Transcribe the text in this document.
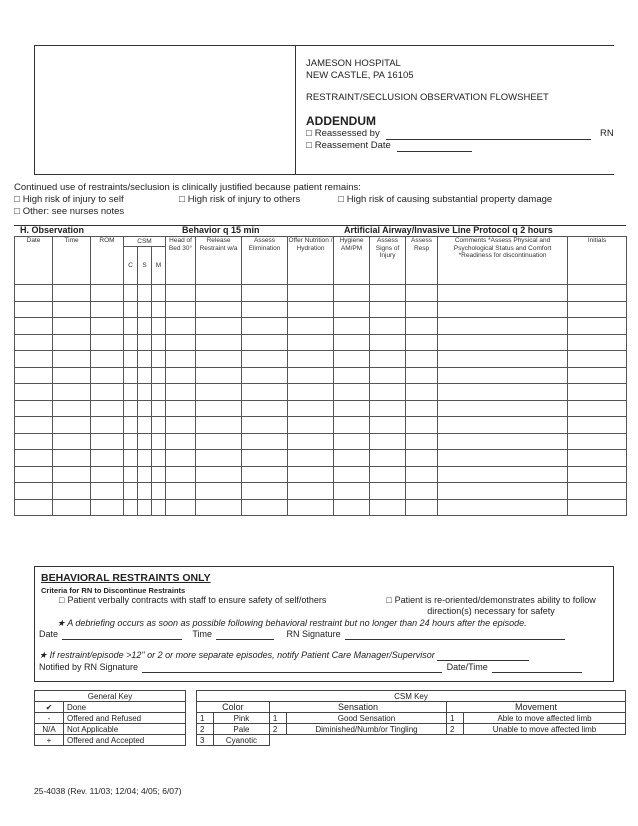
JAMESON HOSPITAL
NEW CASTLE, PA 16105
RESTRAINT/SECLUSION OBSERVATION FLOWSHEET
ADDENDUM
□ Reassessed by	RN
□ Reassement Date
Continued use of restraints/seclusion is clinically justified because patient remains:
□ High risk of injury to self	□ High risk of injury to others	□ High risk of causing substantial property damage
□ Other: see nurses notes
H. Observation	Behavior q 15 min	Artificial Airway/Invasive Line Protocol q 2 hours
Date	Time	ROM	CSM			Head of Bed 30°	Release Restraint w/a	Assess Elimination	Offer Nutrition / Hydration	Hygiene AM/PM	Assess Signs of Injury	Assess Resp	Comments *Assess Physical and Psychological Status and Comfort *Readiness for discontinuation	Initials
			C	S	M									

BEHAVIORAL RESTRAINTS ONLY
Criteria for RN to Discontinue Restraints
□ Patient verbally contracts with staff to ensure safety of self/others	□ Patient is re-oriented/demonstrates ability to follow direction(s) necessary for safety
★ A debriefing occurs as soon as possible following behavioral restraint but no longer than 24 hours after the episode.
Date	Time	RN Signature
★ If restraint/episode >12" or 2 or more separate episodes, notify Patient Care Manager/Supervisor
Notified by RN Signature	Date/Time
General Key	
✔	Done
-	Offered and Refused
N/A	Not Applicable
+	Offered and Accepted
CSM Key					
Color		Sensation		Movement	
1	Pink	1	Good Sensation	1	Able to move affected limb
2	Pale	2	Diminished/Numb/or Tingling	2	Unable to move affected limb
3	Cyanotic				
25-4038 (Rev. 11/03; 12/04; 4/05; 6/07)
